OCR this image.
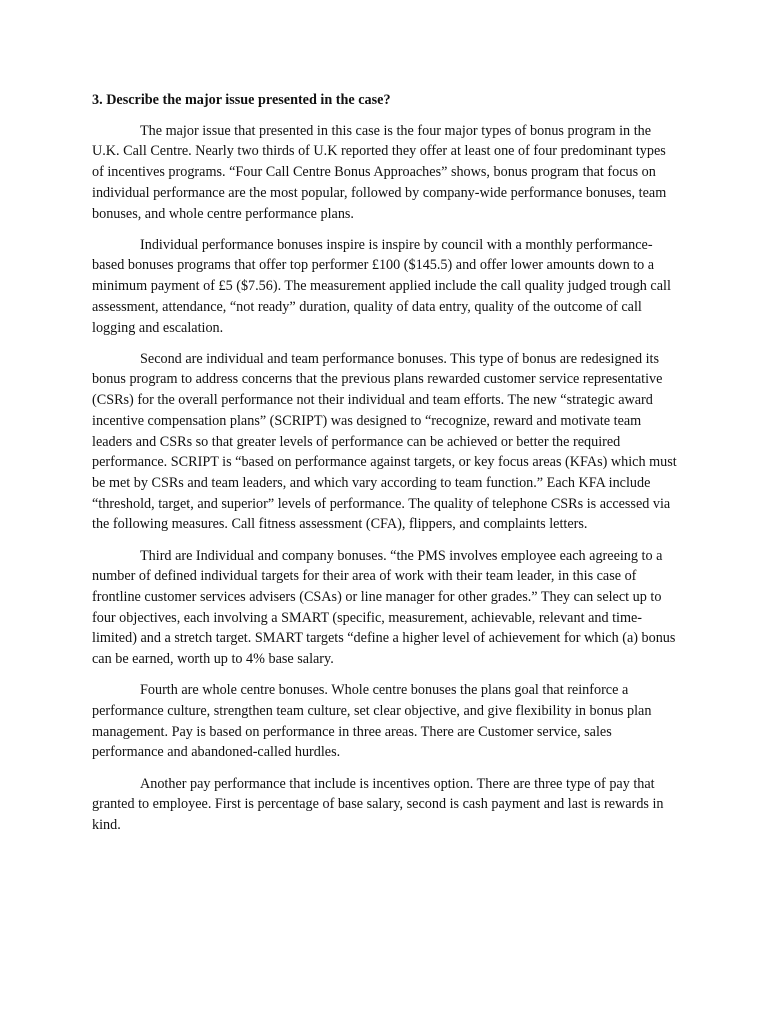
3. Describe the major issue presented in the case?

The major issue that presented in this case is the four major types of bonus program in the U.K. Call Centre. Nearly two thirds of U.K reported they offer at least one of four predominant types of incentives programs. “Four Call Centre Bonus Approaches” shows, bonus program that focus on individual performance are the most popular, followed by company-wide performance bonuses, team bonuses, and whole centre performance plans.

Individual performance bonuses inspire is inspire by council with a monthly performance-based bonuses programs that offer top performer £100 ($145.5) and offer lower amounts down to a minimum payment of £5 ($7.56). The measurement applied include the call quality judged trough call assessment, attendance, “not ready” duration, quality of data entry, quality of the outcome of call logging and escalation.

Second are individual and team performance bonuses. This type of bonus are redesigned its bonus program to address concerns that the previous plans rewarded customer service representative (CSRs) for the overall performance not their individual and team efforts. The new “strategic award incentive compensation plans” (SCRIPT) was designed to “recognize, reward and motivate team leaders and CSRs so that greater levels of performance can be achieved or better the required performance. SCRIPT is “based on performance against targets, or key focus areas (KFAs) which must be met by CSRs and team leaders, and which vary according to team function.” Each KFA include “threshold, target, and superior” levels of performance. The quality of telephone CSRs is accessed via the following measures. Call fitness assessment (CFA), flippers, and complaints letters.

Third are Individual and company bonuses. “the PMS involves employee each agreeing to a number of defined individual targets for their area of work with their team leader, in this case of frontline customer services advisers (CSAs) or line manager for other grades.” They can select up to four objectives, each involving a SMART (specific, measurement, achievable, relevant and time-limited) and a stretch target. SMART targets “define a higher level of achievement for which (a) bonus can be earned, worth up to 4% base salary.

Fourth are whole centre bonuses. Whole centre bonuses the plans goal that reinforce a performance culture, strengthen team culture, set clear objective, and give flexibility in bonus plan management. Pay is based on performance in three areas. There are Customer service, sales performance and abandoned-called hurdles.

Another pay performance that include is incentives option. There are three type of pay that granted to employee. First is percentage of base salary, second is cash payment and last is rewards in kind.
